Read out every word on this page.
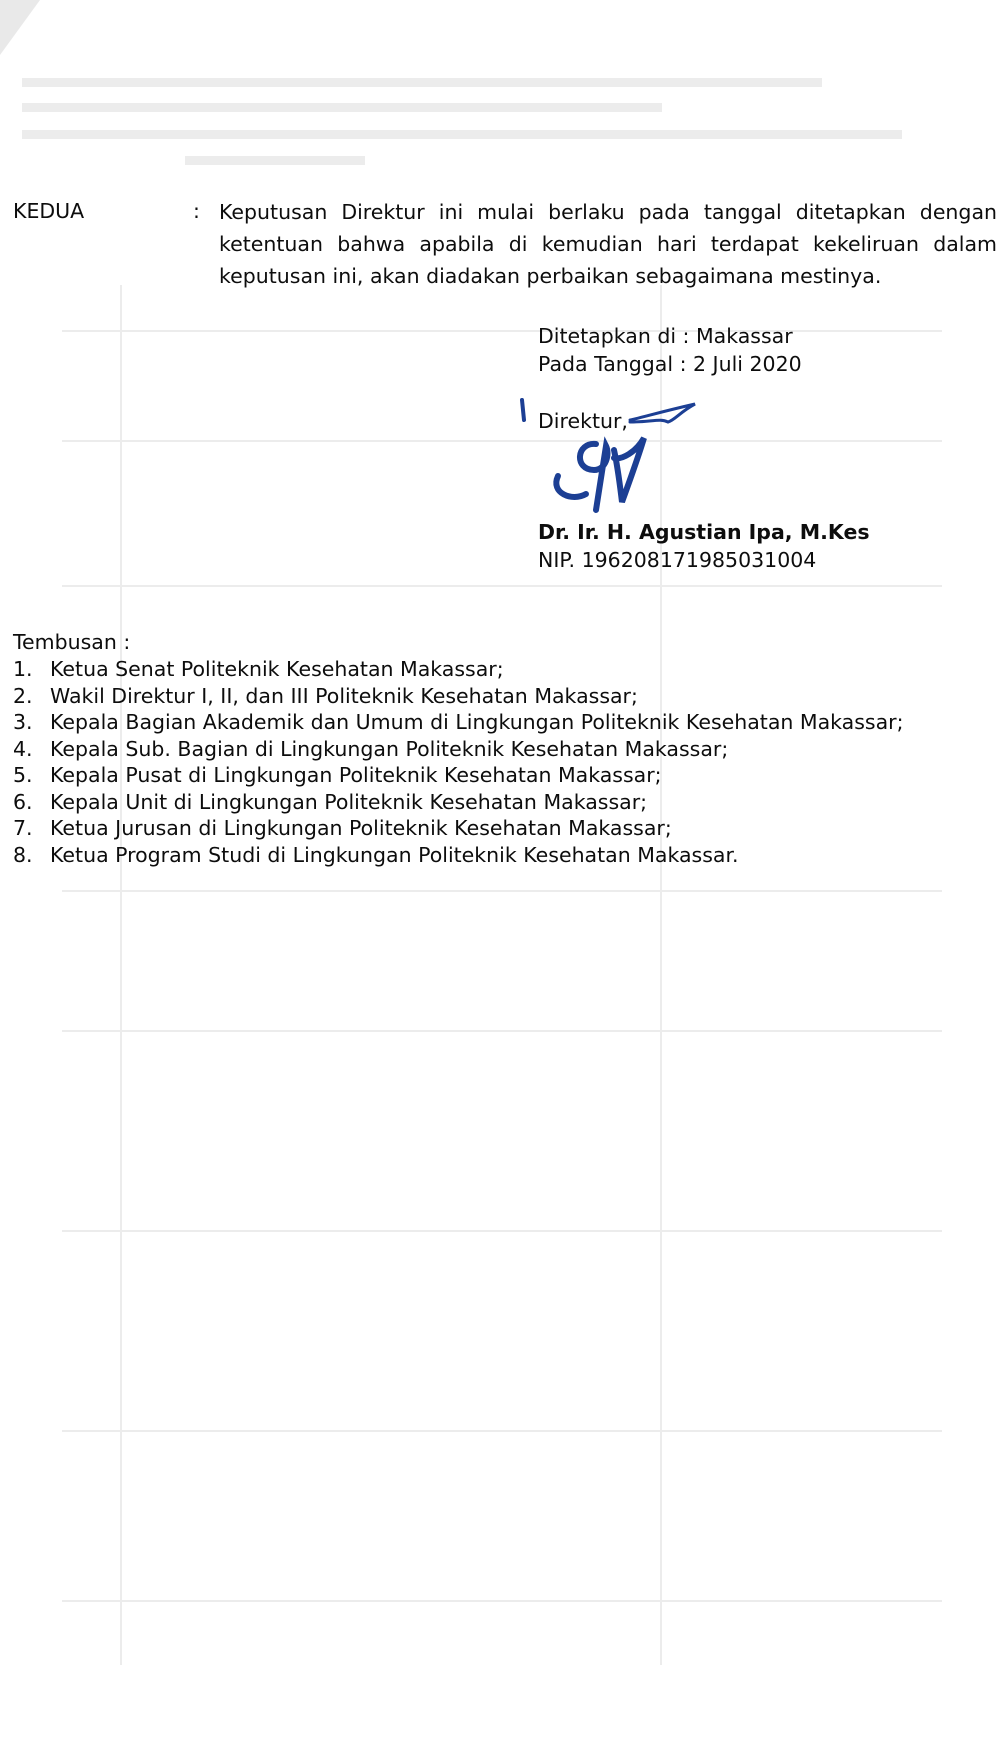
KEDUA	: Keputusan Direktur ini mulai berlaku pada tanggal ditetapkan dengan ketentuan bahwa apabila di kemudian hari terdapat kekeliruan dalam keputusan ini, akan diadakan perbaikan sebagaimana mestinya.
Ditetapkan di : Makassar
Pada Tanggal : 2 Juli 2020
Direktur,
Dr. Ir. H. Agustian Ipa, M.Kes
NIP. 196208171985031004
Tembusan :
1. Ketua Senat Politeknik Kesehatan Makassar;
2. Wakil Direktur I, II, dan III Politeknik Kesehatan Makassar;
3. Kepala Bagian Akademik dan Umum di Lingkungan Politeknik Kesehatan Makassar;
4. Kepala Sub. Bagian di Lingkungan Politeknik Kesehatan Makassar;
5. Kepala Pusat di Lingkungan Politeknik Kesehatan Makassar;
6. Kepala Unit di Lingkungan Politeknik Kesehatan Makassar;
7. Ketua Jurusan di Lingkungan Politeknik Kesehatan Makassar;
8. Ketua Program Studi di Lingkungan Politeknik Kesehatan Makassar.
